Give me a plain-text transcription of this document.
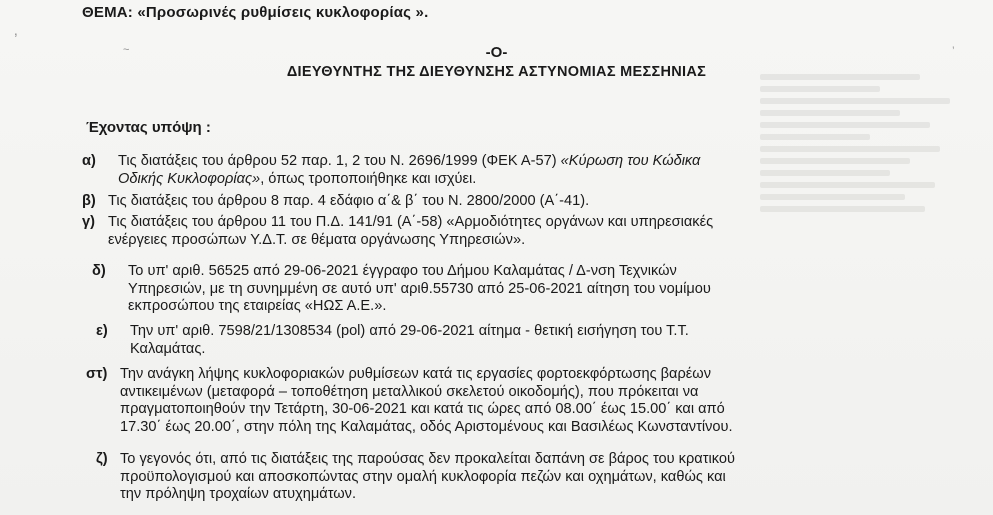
‚
~	’
ΘΕΜΑ: «Προσωρινές ρυθμίσεις κυκλοφορίας ».
-Ο-
ΔΙΕΥΘΥΝΤΗΣ ΤΗΣ ΔΙΕΥΘΥΝΣΗΣ ΑΣΤΥΝΟΜΙΑΣ ΜΕΣΣΗΝΙΑΣ
Έχοντας υπόψη :
α) Τις διατάξεις του άρθρου 52 παρ. 1, 2 του Ν. 2696/1999 (ΦΕΚ Α-57) «Κύρωση του Κώδικα
Οδικής Κυκλοφορίας», όπως τροποποιήθηκε και ισχύει.
β) Τις διατάξεις του άρθρου 8 παρ. 4 εδάφιο α΄& β΄ του Ν. 2800/2000 (Α΄-41).
γ) Τις διατάξεις του άρθρου 11 του Π.Δ. 141/91 (Α΄-58) «Αρμοδιότητες οργάνων και υπηρεσιακές
ενέργειες προσώπων Υ.Δ.Τ. σε θέματα οργάνωσης Υπηρεσιών».
δ) Το υπ' αριθ. 56525 από 29-06-2021 έγγραφο του Δήμου Καλαμάτας / Δ-νση Τεχνικών
Υπηρεσιών, με τη συνημμένη σε αυτό υπ' αριθ.55730 από 25-06-2021 αίτηση του νομίμου
εκπροσώπου της εταιρείας «ΗΩΣ Α.Ε.».
ε) Την υπ' αριθ. 7598/21/1308534 (pol) από 29-06-2021 αίτημα - θετική εισήγηση του Τ.Τ.
Καλαμάτας.
στ) Την ανάγκη λήψης κυκλοφοριακών ρυθμίσεων κατά τις εργασίες φορτοεκφόρτωσης βαρέων
αντικειμένων (μεταφορά – τοποθέτηση μεταλλικού σκελετού οικοδομής), που πρόκειται να
πραγματοποιηθούν την Τετάρτη, 30-06-2021 και κατά τις ώρες από 08.00΄ έως 15.00΄ και από
17.30΄ έως 20.00΄, στην πόλη της Καλαμάτας, οδός Αριστομένους και Βασιλέως Κωνσταντίνου.
ζ) Το γεγονός ότι, από τις διατάξεις της παρούσας δεν προκαλείται δαπάνη σε βάρος του κρατικού
προϋπολογισμού και αποσκοπώντας στην ομαλή κυκλοφορία πεζών και οχημάτων, καθώς και
την πρόληψη τροχαίων ατυχημάτων.
